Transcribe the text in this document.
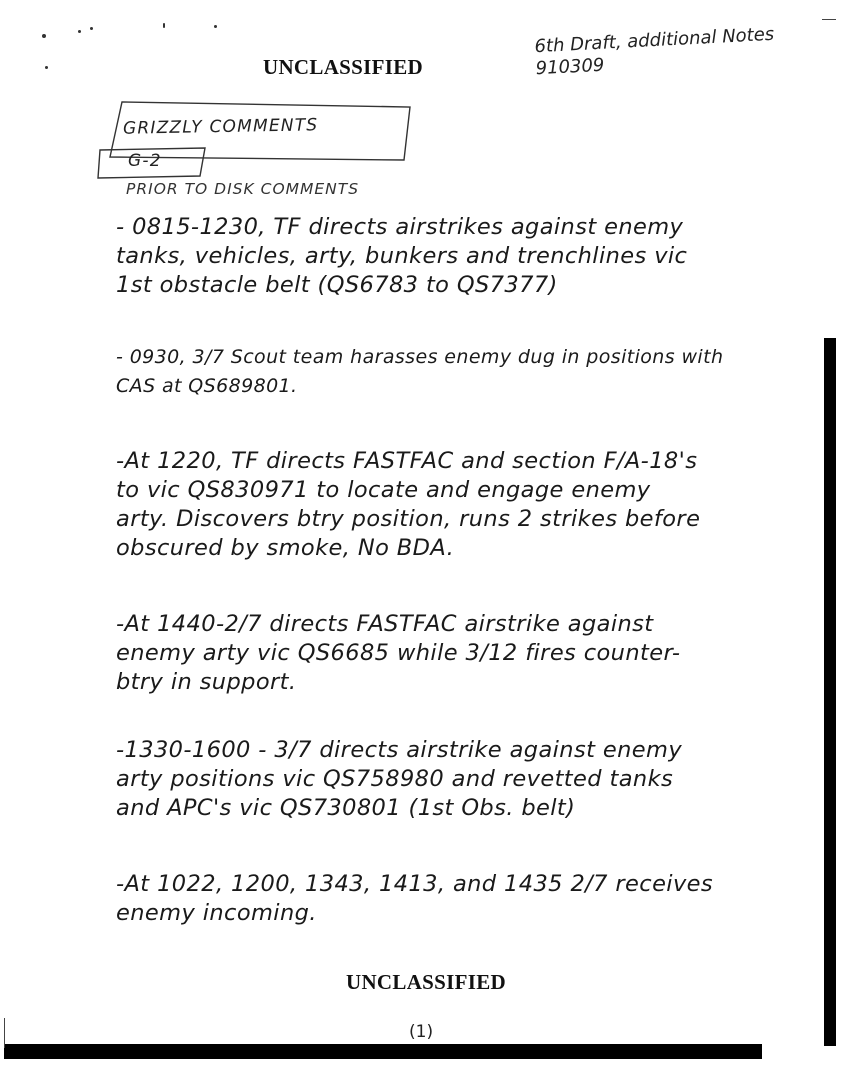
UNCLASSIFIED
6th Draft, additional Notes
910309
GRIZZLY COMMENTS
G-2
PRIOR TO DISK COMMENTS
- 0815-1230, TF directs airstrikes against enemy
tanks, vehicles, arty, bunkers and trenchlines vic
1st obstacle belt (QS6783 to QS7377)
- 0930, 3/7 Scout team harasses enemy dug in positions with
CAS at QS689801.
-At 1220, TF directs FASTFAC and section F/A-18's
to vic QS830971 to locate and engage enemy
arty. Discovers btry position, runs 2 strikes before
obscured by smoke, No BDA.
-At 1440-2/7 directs FASTFAC airstrike against
enemy arty vic QS6685 while 3/12 fires counter-
btry in support.
-1330-1600 - 3/7 directs airstrike against enemy
arty positions vic QS758980 and revetted tanks
and APC's vic QS730801 (1st Obs. belt)
-At 1022, 1200, 1343, 1413, and 1435 2/7 receives
enemy incoming.
UNCLASSIFIED
(1)
